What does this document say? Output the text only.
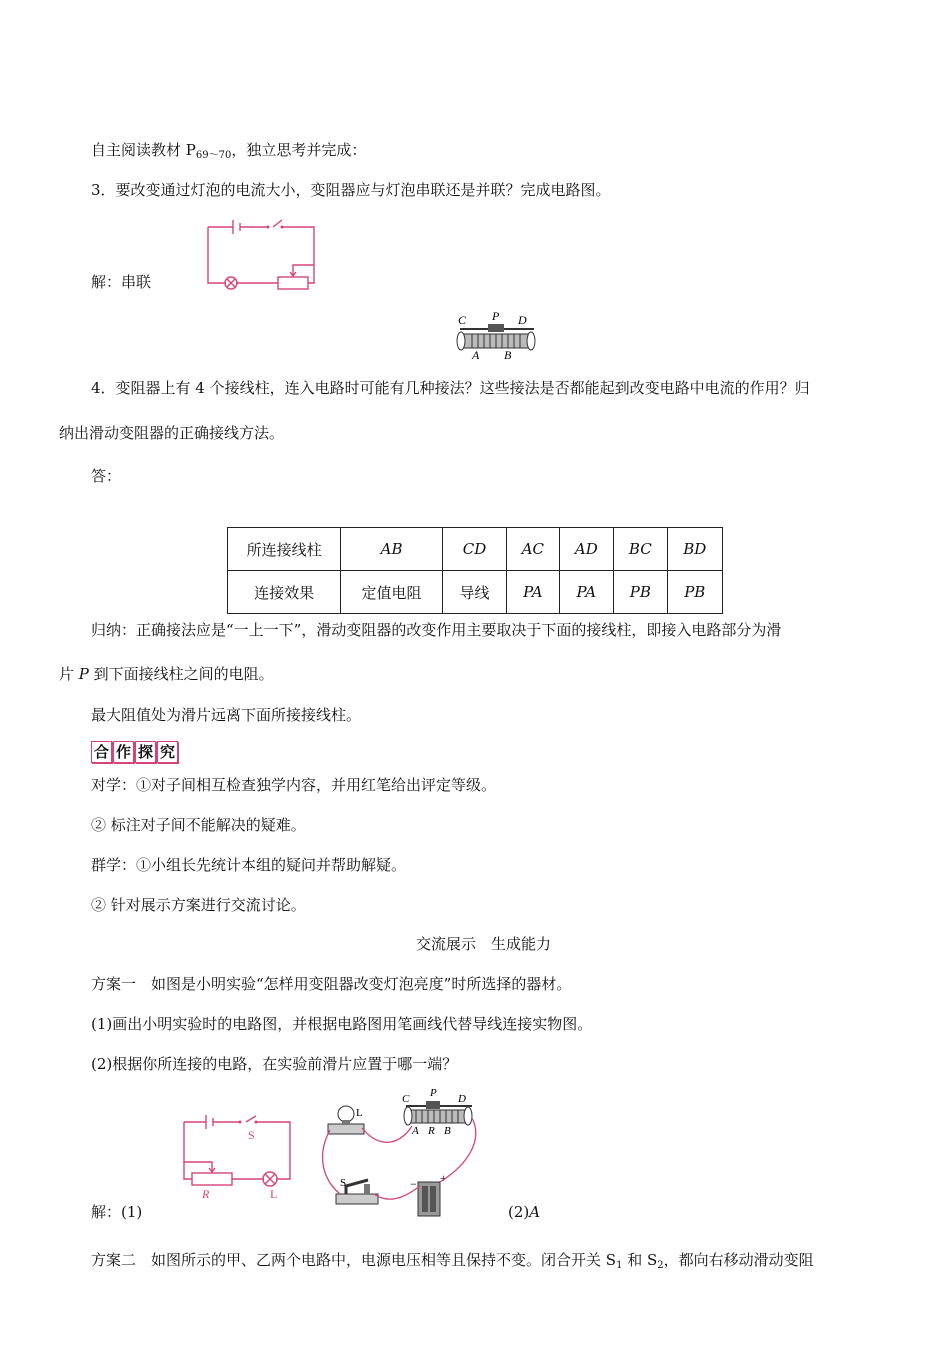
自主阅读教材 $P_{69\sim 70}$，独立思考并完成：
3．要改变通过灯泡的电流大小，变阻器应与灯泡串联还是并联？完成电路图。
解：串联
C P D
A B
4．变阻器上有 4 个接线柱，连入电路时可能有几种接法？这些接法是否都能起到改变电路中电流的作用？归
纳出滑动变阻器的正确接线方法。
答：
所连接线柱	AB	CD	AC	AD	BC	BD
连接效果	定值电阻	导线	PA	PA	PB	PB
归纳：正确接法应是“一上一下”，滑动变阻器的改变作用主要取决于下面的接线柱，即接入电路部分为滑
片 P 到下面接线柱之间的电阻。
最大阻值处为滑片远离下面所接接线柱。
合 作 探 究
对学：①对子间相互检查独学内容，并用红笔给出评定等级。
② 标注对子间不能解决的疑难。
群学：①小组长先统计本组的疑问并帮助解疑。
② 针对展示方案进行交流讨论。
交流展示　生成能力
方案一　如图是小明实验“怎样用变阻器改变灯泡亮度”时所选择的器材。
(1)画出小明实验时的电路图，并根据电路图用笔画线代替导线连接实物图。
(2)根据你所连接的电路，在实验前滑片应置于哪一端？
S
R	L
L
C P D
A R B
S	− +
解：(1)	(2)A
方案二　如图所示的甲、乙两个电路中，电源电压相等且保持不变。闭合开关 $S_1$ 和 $S_2$，都向右移动滑动变阻
